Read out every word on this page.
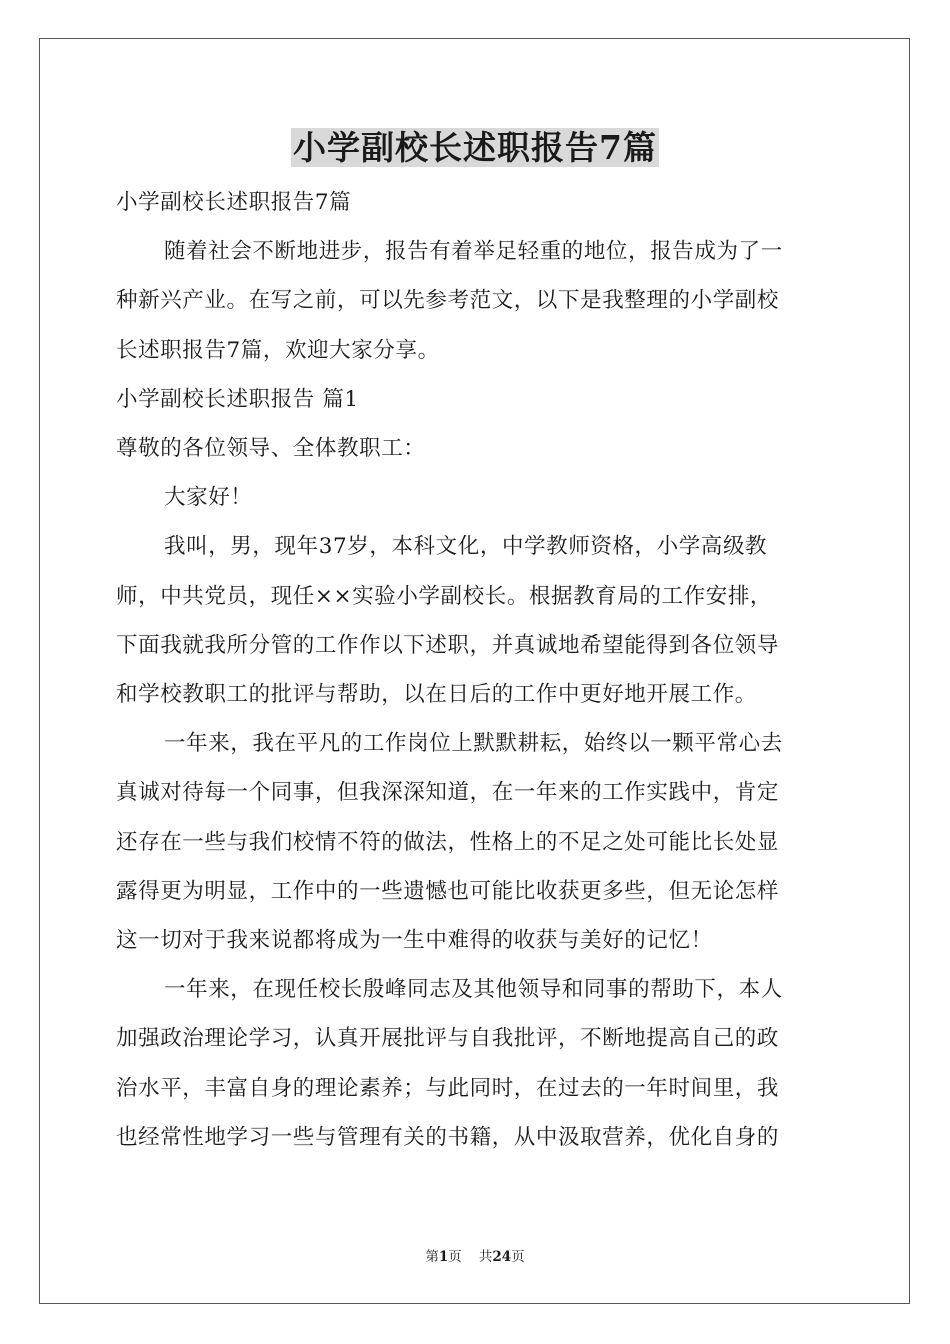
小学副校长述职报告7篇
小学副校长述职报告7篇
随着社会不断地进步，报告有着举足轻重的地位，报告成为了一
种新兴产业。在写之前，可以先参考范文，以下是我整理的小学副校
长述职报告7篇，欢迎大家分享。
小学副校长述职报告 篇1
尊敬的各位领导、全体教职工：
大家好！
我叫，男，现年37岁，本科文化，中学教师资格，小学高级教
师，中共党员，现任××实验小学副校长。根据教育局的工作安排，
下面我就我所分管的工作作以下述职，并真诚地希望能得到各位领导
和学校教职工的批评与帮助，以在日后的工作中更好地开展工作。
一年来，我在平凡的工作岗位上默默耕耘，始终以一颗平常心去
真诚对待每一个同事，但我深深知道，在一年来的工作实践中，肯定
还存在一些与我们校情不符的做法，性格上的不足之处可能比长处显
露得更为明显，工作中的一些遗憾也可能比收获更多些，但无论怎样
这一切对于我来说都将成为一生中难得的收获与美好的记忆！
一年来，在现任校长殷峰同志及其他领导和同事的帮助下，本人
加强政治理论学习，认真开展批评与自我批评，不断地提高自己的政
治水平，丰富自身的理论素养；与此同时，在过去的一年时间里，我
也经常性地学习一些与管理有关的书籍，从中汲取营养，优化自身的
第1页 共24页
